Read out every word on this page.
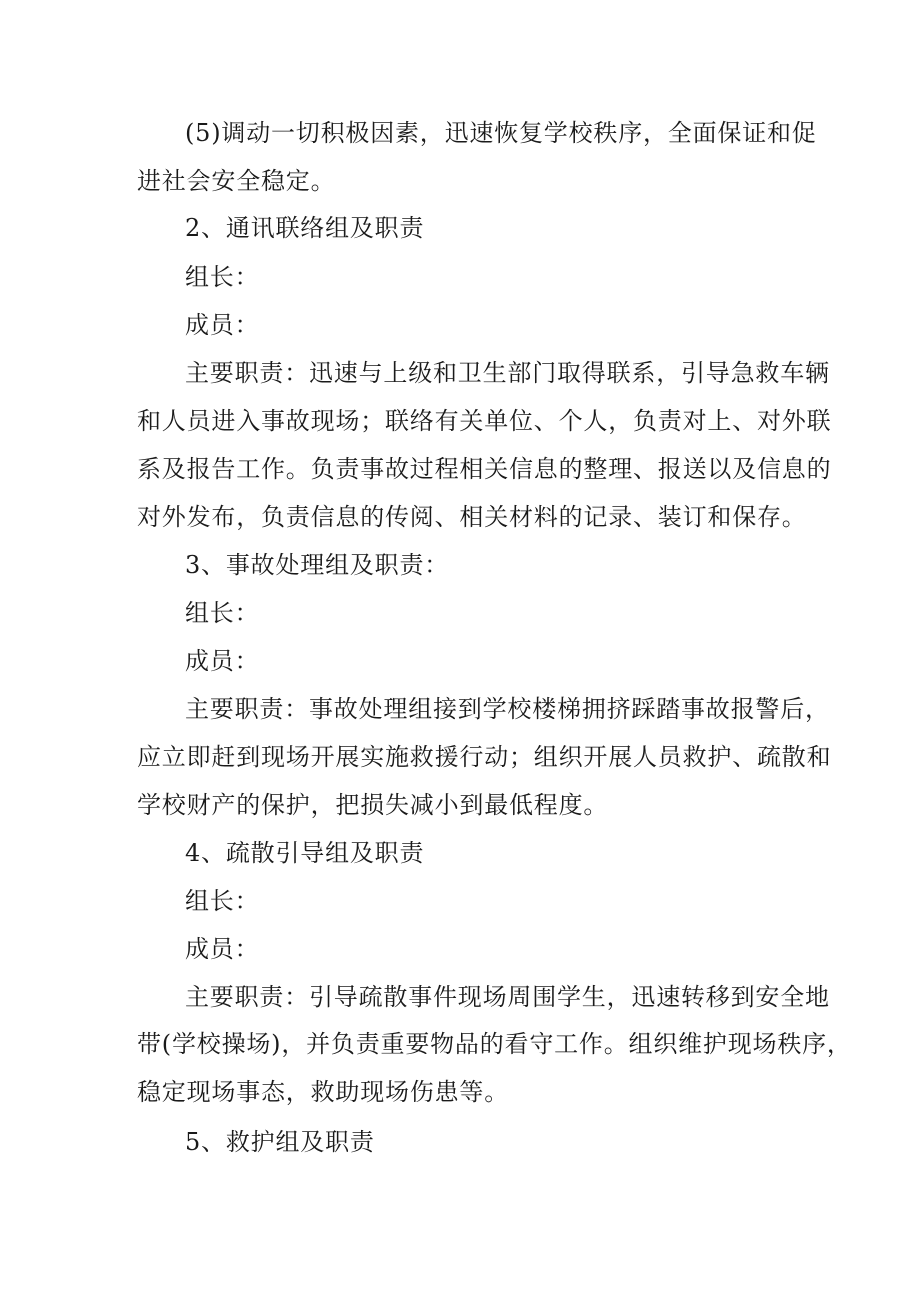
(5)调动一切积极因素，迅速恢复学校秩序，全面保证和促

进社会安全稳定。

2、通讯联络组及职责

组长：

成员：

主要职责：迅速与上级和卫生部门取得联系，引导急救车辆

和人员进入事故现场；联络有关单位、个人，负责对上、对外联

系及报告工作。负责事故过程相关信息的整理、报送以及信息的

对外发布，负责信息的传阅、相关材料的记录、装订和保存。

3、事故处理组及职责：

组长：

成员：

主要职责：事故处理组接到学校楼梯拥挤踩踏事故报警后，

应立即赶到现场开展实施救援行动；组织开展人员救护、疏散和

学校财产的保护，把损失减小到最低程度。

4、疏散引导组及职责

组长：

成员：

主要职责：引导疏散事件现场周围学生，迅速转移到安全地

带(学校操场)，并负责重要物品的看守工作。组织维护现场秩序，

稳定现场事态，救助现场伤患等。

5、救护组及职责
